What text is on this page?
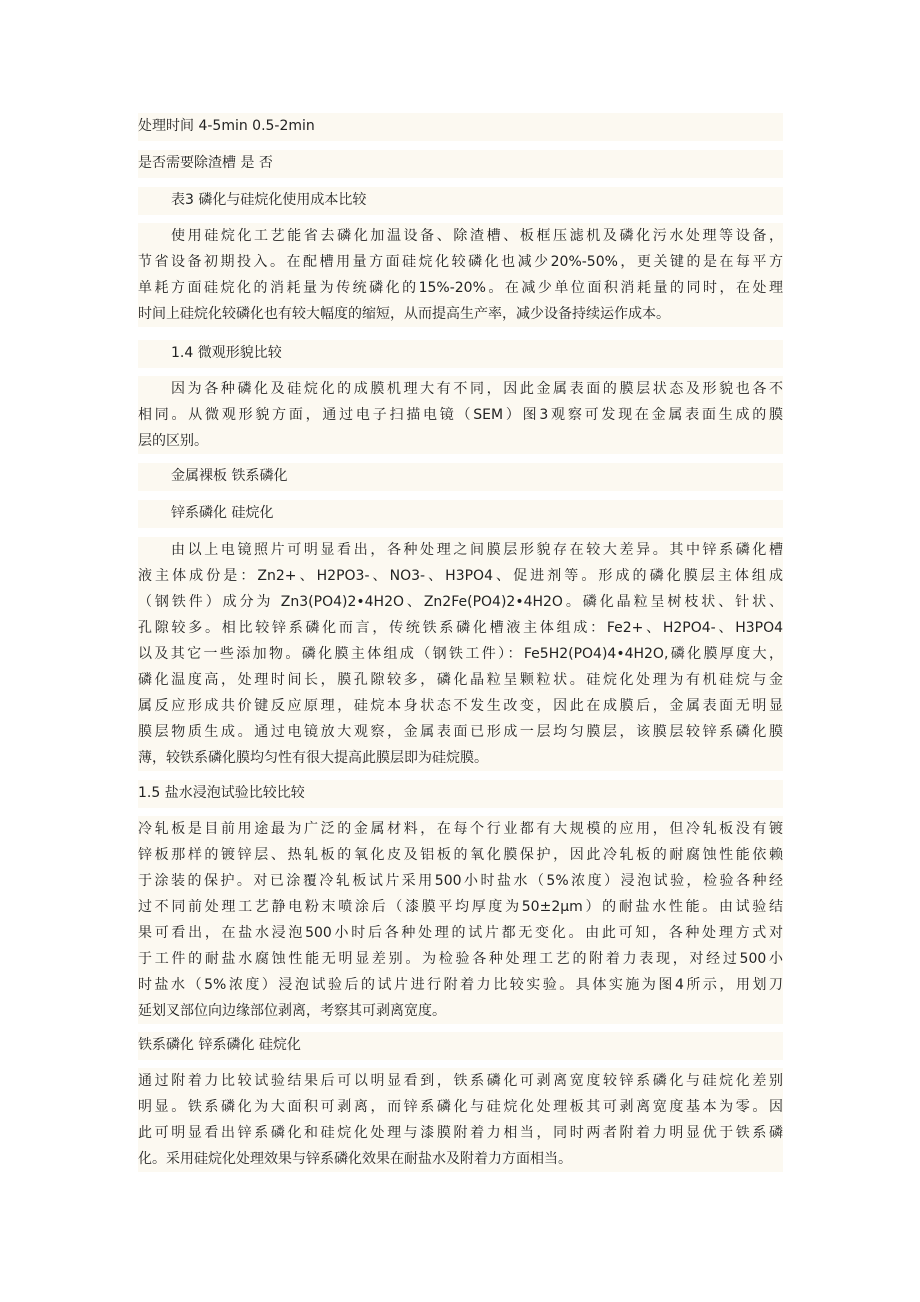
处理时间 4-5min 0.5-2min

是否需要除渣槽 是 否

表3 磷化与硅烷化使用成本比较

使用硅烷化工艺能省去磷化加温设备、除渣槽、板框压滤机及磷化污水处理等设备，

节省设备初期投入。在配槽用量方面硅烷化较磷化也减少20%-50%，更关键的是在每平方

单耗方面硅烷化的消耗量为传统磷化的15%-20%。在减少单位面积消耗量的同时，在处理

时间上硅烷化较磷化也有较大幅度的缩短，从而提高生产率，减少设备持续运作成本。

1.4 微观形貌比较

因为各种磷化及硅烷化的成膜机理大有不同，因此金属表面的膜层状态及形貌也各不

相同。从微观形貌方面，通过电子扫描电镜（SEM）图3观察可发现在金属表面生成的膜

层的区别。

金属裸板 铁系磷化

锌系磷化 硅烷化

由以上电镜照片可明显看出，各种处理之间膜层形貌存在较大差异。其中锌系磷化槽

液主体成份是：Zn2+、H2PO3-、NO3-、H3PO4、促进剂等。形成的磷化膜层主体组成

（钢铁件）成分为 Zn3(PO4)2•4H2O、Zn2Fe(PO4)2•4H2O。磷化晶粒呈树枝状、针状、

孔隙较多。相比较锌系磷化而言，传统铁系磷化槽液主体组成：Fe2+、H2PO4-、H3PO4

以及其它一些添加物。磷化膜主体组成（钢铁工件）：Fe5H2(PO4)4•4H2O,磷化膜厚度大，

磷化温度高，处理时间长，膜孔隙较多，磷化晶粒呈颗粒状。硅烷化处理为有机硅烷与金

属反应形成共价键反应原理，硅烷本身状态不发生改变，因此在成膜后，金属表面无明显

膜层物质生成。通过电镜放大观察，金属表面已形成一层均匀膜层，该膜层较锌系磷化膜

薄，较铁系磷化膜均匀性有很大提高此膜层即为硅烷膜。

1.5 盐水浸泡试验比较比较

冷轧板是目前用途最为广泛的金属材料，在每个行业都有大规模的应用，但冷轧板没有镀

锌板那样的镀锌层、热轧板的氧化皮及铝板的氧化膜保护，因此冷轧板的耐腐蚀性能依赖

于涂装的保护。对已涂覆冷轧板试片采用500小时盐水（5%浓度）浸泡试验，检验各种经

过不同前处理工艺静电粉末喷涂后（漆膜平均厚度为50±2μm）的耐盐水性能。由试验结

果可看出，在盐水浸泡500小时后各种处理的试片都无变化。由此可知，各种处理方式对

于工件的耐盐水腐蚀性能无明显差别。为检验各种处理工艺的附着力表现，对经过500小

时盐水（5%浓度）浸泡试验后的试片进行附着力比较实验。具体实施为图4所示，用划刀

延划叉部位向边缘部位剥离，考察其可剥离宽度。

铁系磷化 锌系磷化 硅烷化

通过附着力比较试验结果后可以明显看到，铁系磷化可剥离宽度较锌系磷化与硅烷化差别

明显。铁系磷化为大面积可剥离，而锌系磷化与硅烷化处理板其可剥离宽度基本为零。因

此可明显看出锌系磷化和硅烷化处理与漆膜附着力相当，同时两者附着力明显优于铁系磷

化。采用硅烷化处理效果与锌系磷化效果在耐盐水及附着力方面相当。
